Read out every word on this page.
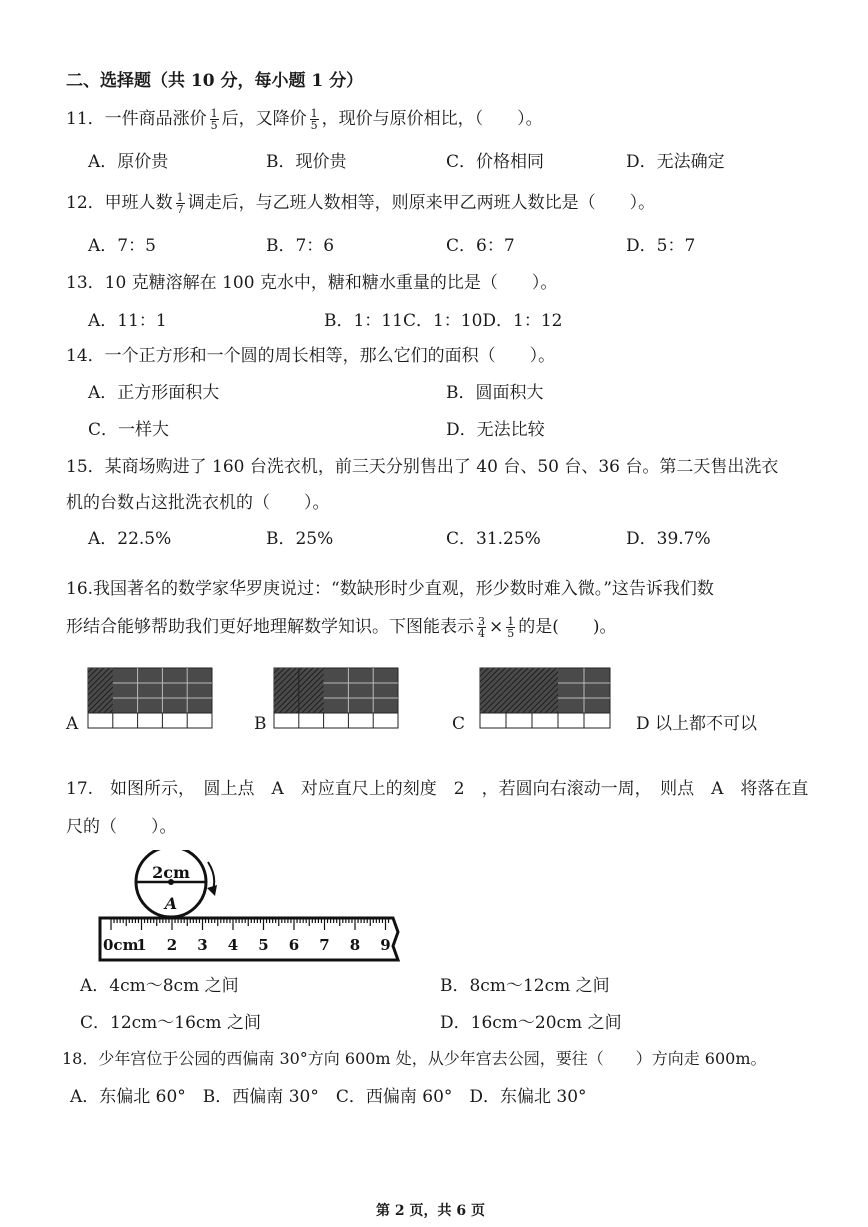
二、选择题（共 10 分，每小题 1 分）
11．一件商品涨价 $\frac{1}{5}$ 后，又降价 $\frac{1}{5}$ ，现价与原价相比，（　　）。
A．原价贵	B．现价贵	C．价格相同	D．无法确定
12．甲班人数 $\frac{1}{7}$ 调走后，与乙班人数相等，则原来甲乙两班人数比是（　　）。
A．7：5	B．7：6	C．6：7	D．5：7
13．10 克糖溶解在 100 克水中，糖和糖水重量的比是（　　）。
A．11：1	B．1：11C．1：10D．1：12
14．一个正方形和一个圆的周长相等，那么它们的面积（　　）。
A．正方形面积大	B．圆面积大
C．一样大	D．无法比较
15．某商场购进了 160 台洗衣机，前三天分别售出了 40 台、50 台、36 台。第二天售出洗衣
机的台数占这批洗衣机的（　　）。
A．22.5%	B．25%	C．31.25%	D．39.7%
16.我国著名的数学家华罗庚说过：“数缺形时少直观，形少数时难入微。”这告诉我们数
形结合能够帮助我们更好地理解数学知识。下图能表示 $\frac{3}{4} \times \frac{1}{5}$ 的是(　　)。
A	B	C	D 以上都不可以
17.　如图所示，　圆上点　A　对应直尺上的刻度　2　，若圆向右滚动一周，　则点　A　将落在直
尺的（　　）。
2cm
A
0cm
1 2 3 4 5 6 7 8 9
A．4cm～8cm 之间	B．8cm～12cm 之间
C．12cm～16cm 之间	D．16cm～20cm 之间
18．少年宫位于公园的西偏南 30°方向 600m 处，从少年宫去公园，要往（　　）方向走 600m。
A．东偏北 60°　B．西偏南 30°　C．西偏南 60°　D．东偏北 30°
第 2 页，共 6 页
